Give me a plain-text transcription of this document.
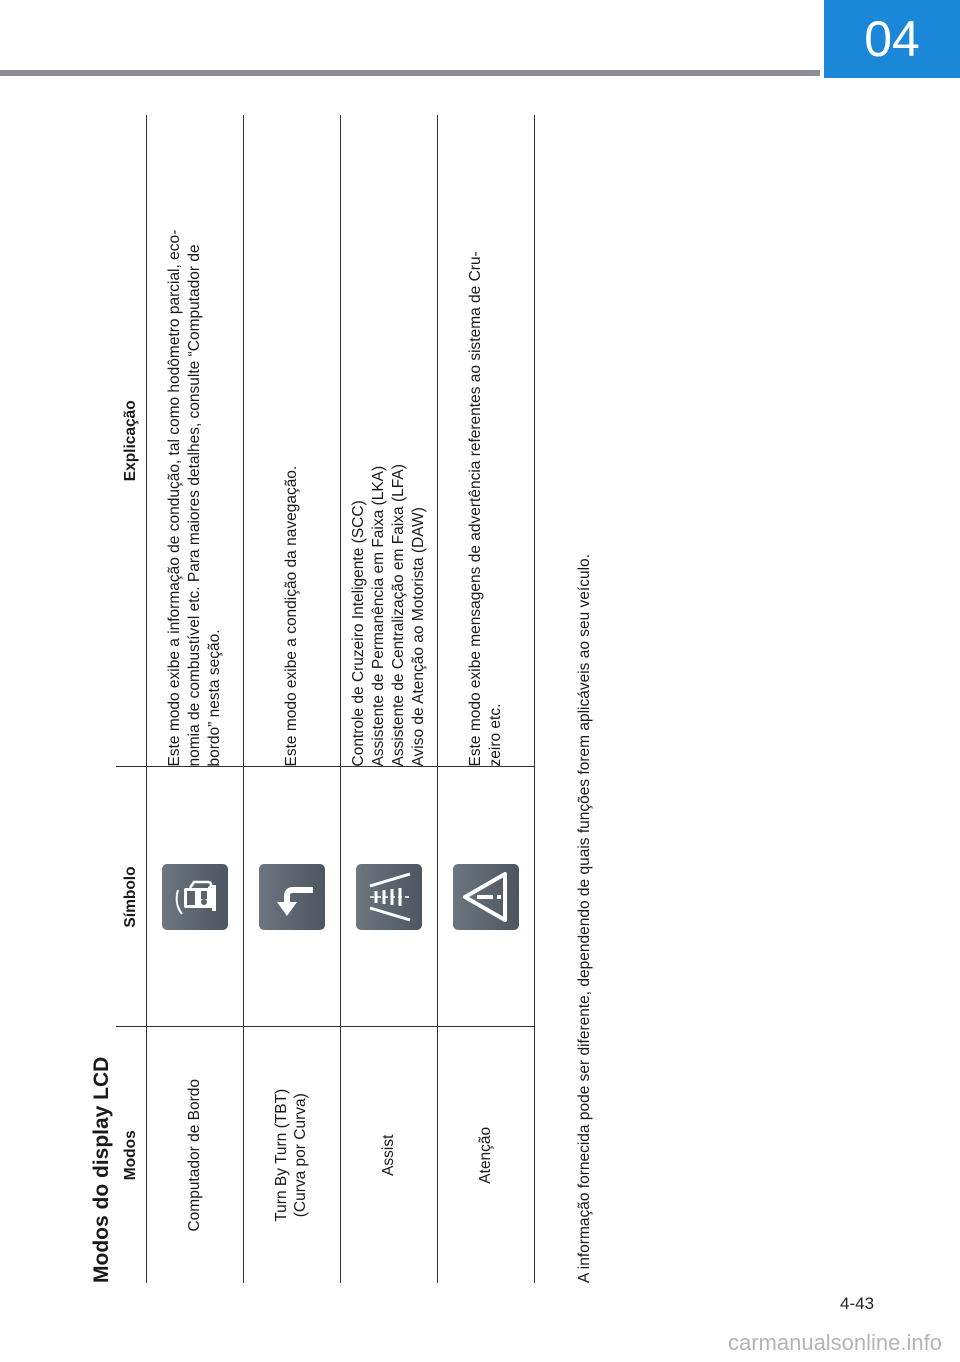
04
Modos do display LCD Modos	Símbolo	Explicação

Computador de Bordo		Este modo exibe a informação de condução, tal como hodômetro parcial, eco- nomia de combustível etc. Para maiores detalhes, consulte “Computador de bordo” nesta seção.

Turn By Turn (TBT) (Curva por Curva)		Este modo exibe a condição da navegação.

Assist		Controle de Cruzeiro Inteligente (SCC) Assistente de Permanência em Faixa (LKA) Assistente de Centralização em Faixa (LFA) Aviso de Atenção ao Motorista (DAW)

Atenção		Este modo exibe mensagens de advertência referentes ao sistema de Cru- zeiro etc.	A informação fornecida pode ser diferente, dependendo de quais funções forem aplicáveis ao seu veículo.

4-43
carmanualsonline.info
